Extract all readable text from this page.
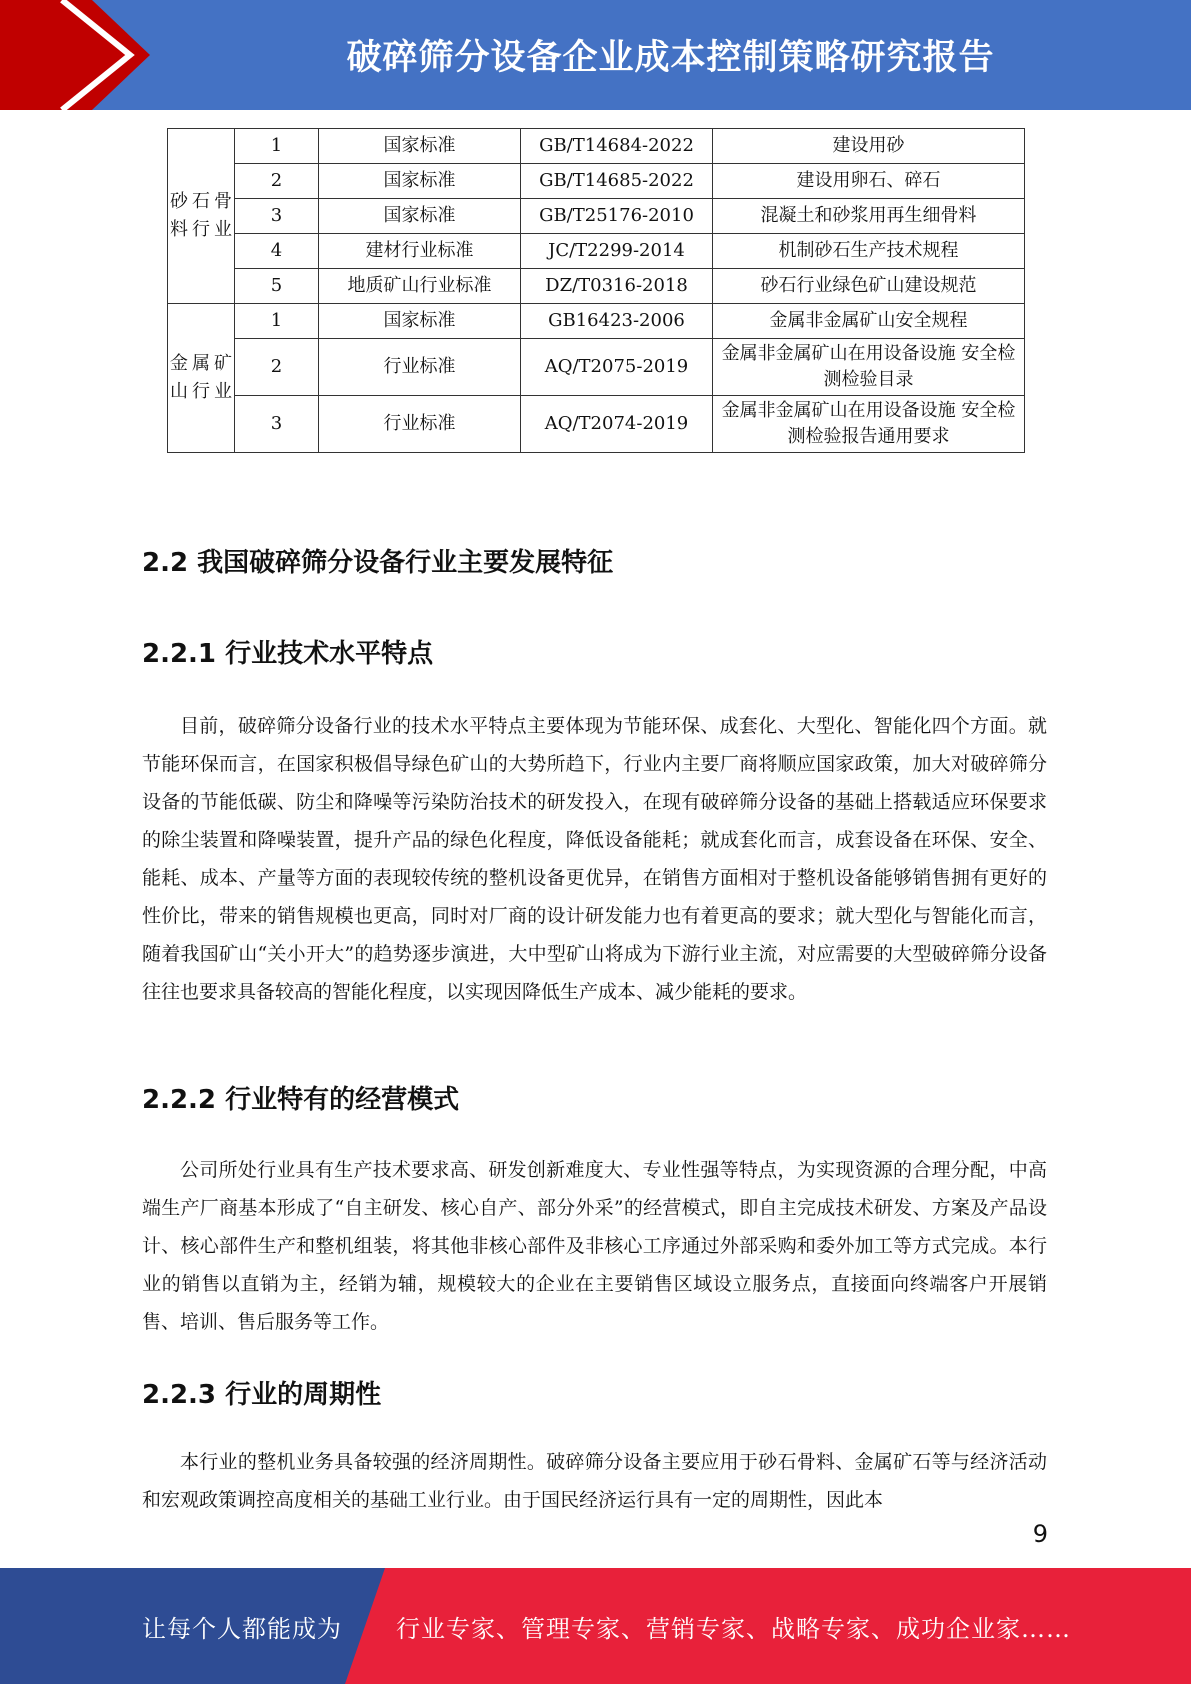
破碎筛分设备企业成本控制策略研究报告
砂石骨料行业	1	国家标准	GB/T14684-2022	建设用砂
	2	国家标准	GB/T14685-2022	建设用卵石、碎石
	3	国家标准	GB/T25176-2010	混凝土和砂浆用再生细骨料
	4	建材行业标准	JC/T2299-2014	机制砂石生产技术规程
	5	地质矿山行业标准	DZ/T0316-2018	砂石行业绿色矿山建设规范
金属矿山行业	1	国家标准	GB16423-2006	金属非金属矿山安全规程
	2	行业标准	AQ/T2075-2019	金属非金属矿山在用设备设施 安全检测检验目录
	3	行业标准	AQ/T2074-2019	金属非金属矿山在用设备设施 安全检测检验报告通用要求
2.2 我国破碎筛分设备行业主要发展特征
2.2.1 行业技术水平特点

目前，破碎筛分设备行业的技术水平特点主要体现为节能环保、成套化、大型化、智能化四个方面。就节能环保而言，在国家积极倡导绿色矿山的大势所趋下，行业内主要厂商将顺应国家政策，加大对破碎筛分设备的节能低碳、防尘和降噪等污染防治技术的研发投入，在现有破碎筛分设备的基础上搭载适应环保要求的除尘装置和降噪装置，提升产品的绿色化程度，降低设备能耗；就成套化而言，成套设备在环保、安全、能耗、成本、产量等方面的表现较传统的整机设备更优异，在销售方面相对于整机设备能够销售拥有更好的性价比，带来的销售规模也更高，同时对厂商的设计研发能力也有着更高的要求；就大型化与智能化而言，随着我国矿山“关小开大”的趋势逐步演进，大中型矿山将成为下游行业主流，对应需要的大型破碎筛分设备往往也要求具备较高的智能化程度，以实现因降低生产成本、减少能耗的要求。

2.2.2 行业特有的经营模式

公司所处行业具有生产技术要求高、研发创新难度大、专业性强等特点，为实现资源的合理分配，中高端生产厂商基本形成了“自主研发、核心自产、部分外采”的经营模式，即自主完成技术研发、方案及产品设计、核心部件生产和整机组装，将其他非核心部件及非核心工序通过外部采购和委外加工等方式完成。本行业的销售以直销为主，经销为辅，规模较大的企业在主要销售区域设立服务点，直接面向终端客户开展销售、培训、售后服务等工作。

2.2.3 行业的周期性

本行业的整机业务具备较强的经济周期性。破碎筛分设备主要应用于砂石骨料、金属矿石等与经济活动和宏观政策调控高度相关的基础工业行业。由于国民经济运行具有一定的周期性，因此本

9
让每个人都能成为 行业专家、管理专家、营销专家、战略专家、成功企业家……
